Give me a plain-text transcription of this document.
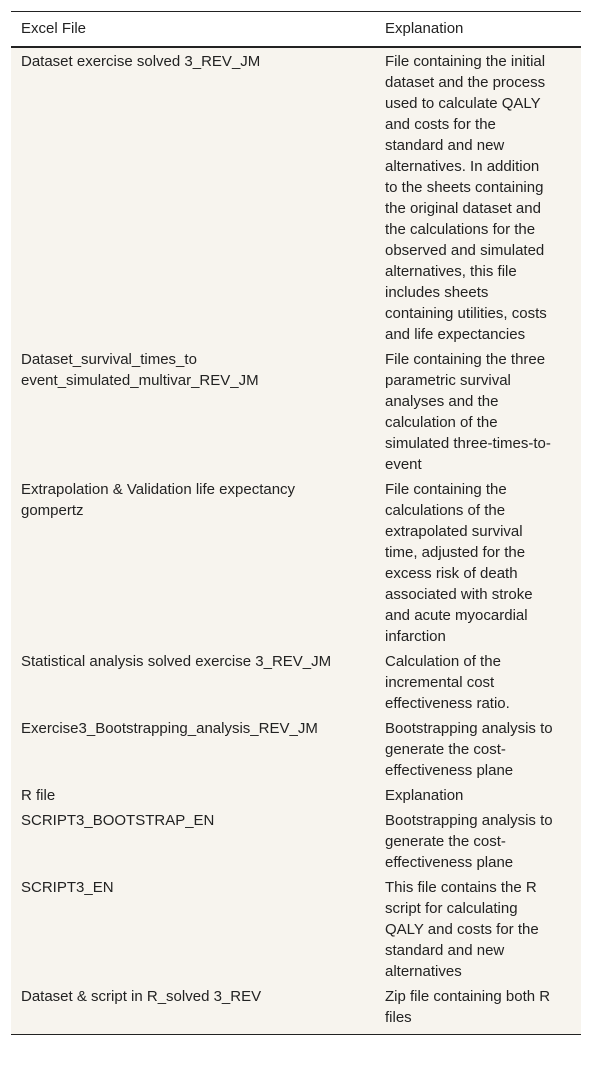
Excel File	Explanation
Dataset exercise solved 3_REV_JM	File containing the initial dataset and the process used to calculate QALY and costs for the standard and new alternatives. In addition to the sheets containing the original dataset and the calculations for the observed and simulated alternatives, this file includes sheets containing utilities, costs and life expectancies
Dataset_survival_times_to event_simulated_multivar_REV_JM	File containing the three parametric survival analyses and the calculation of the simulated three-times-to-event
Extrapolation & Validation life expectancy gompertz	File containing the calculations of the extrapolated survival time, adjusted for the excess risk of death associated with stroke and acute myocardial infarction
Statistical analysis solved exercise 3_REV_JM	Calculation of the incremental cost effectiveness ratio.
Exercise3_Bootstrapping_analysis_REV_JM	Bootstrapping analysis to generate the cost-effectiveness plane
R file	Explanation
SCRIPT3_BOOTSTRAP_EN	Bootstrapping analysis to generate the cost-effectiveness plane
SCRIPT3_EN	This file contains the R script for calculating QALY and costs for the standard and new alternatives
Dataset & script in R_solved 3_REV	Zip file containing both R files
